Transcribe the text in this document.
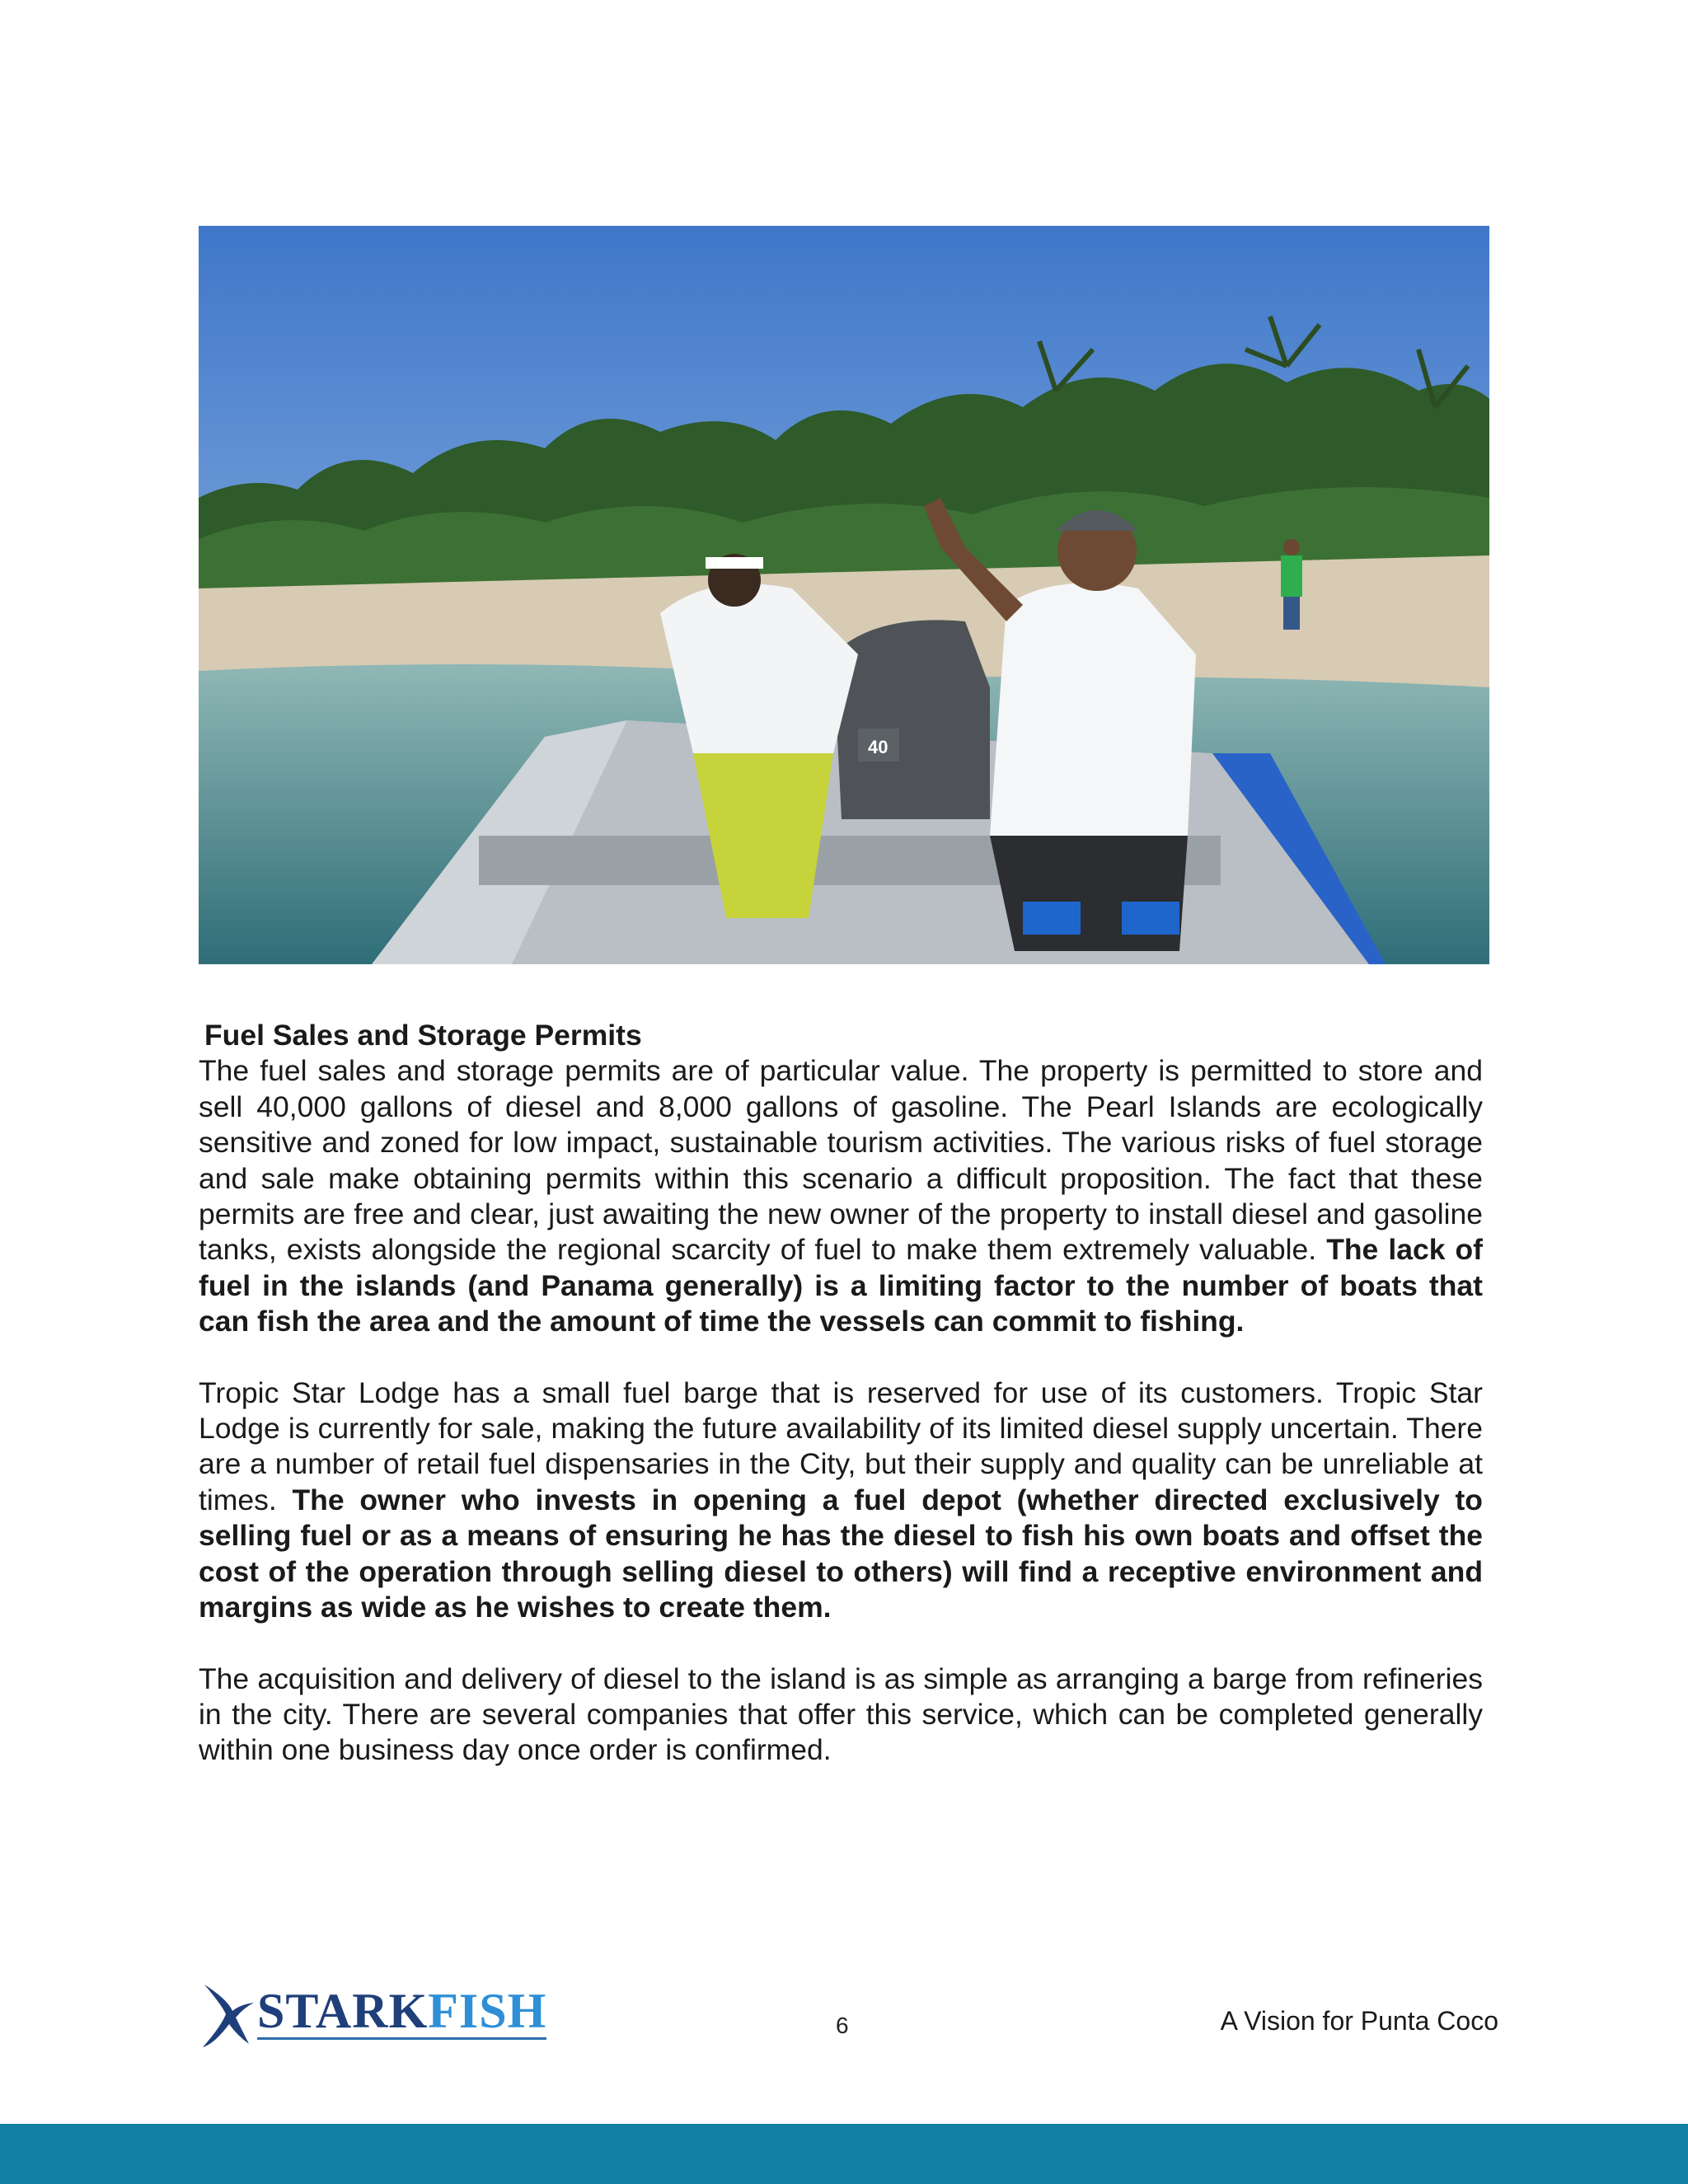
40

Fuel Sales and Storage Permits

The fuel sales and storage permits are of particular value. The property is permitted to store and sell 40,000 gallons of diesel and 8,000 gallons of gasoline. The Pearl Islands are ecologically sensitive and zoned for low impact, sustainable tourism activities. The various risks of fuel storage and sale make obtaining permits within this scenario a difficult proposition. The fact that these permits are free and clear, just awaiting the new owner of the property to install diesel and gasoline tanks, exists alongside the regional scarcity of fuel to make them extremely valuable. The lack of fuel in the islands (and Panama generally) is a limiting factor to the number of boats that can fish the area and the amount of time the vessels can commit to fishing.

Tropic Star Lodge has a small fuel barge that is reserved for use of its customers. Tropic Star Lodge is currently for sale, making the future availability of its limited diesel supply uncertain. There are a number of retail fuel dispensaries in the City, but their supply and quality can be unreliable at times. The owner who invests in opening a fuel depot (whether directed exclusively to selling fuel or as a means of ensuring he has the diesel to fish his own boats and offset the cost of the operation through selling diesel to others) will find a receptive environment and margins as wide as he wishes to create them.

The acquisition and delivery of diesel to the island is as simple as arranging a barge from refineries in the city. There are several companies that offer this service, which can be completed generally within one business day once order is confirmed.

STARKFISH	6	A Vision for Punta Coco
